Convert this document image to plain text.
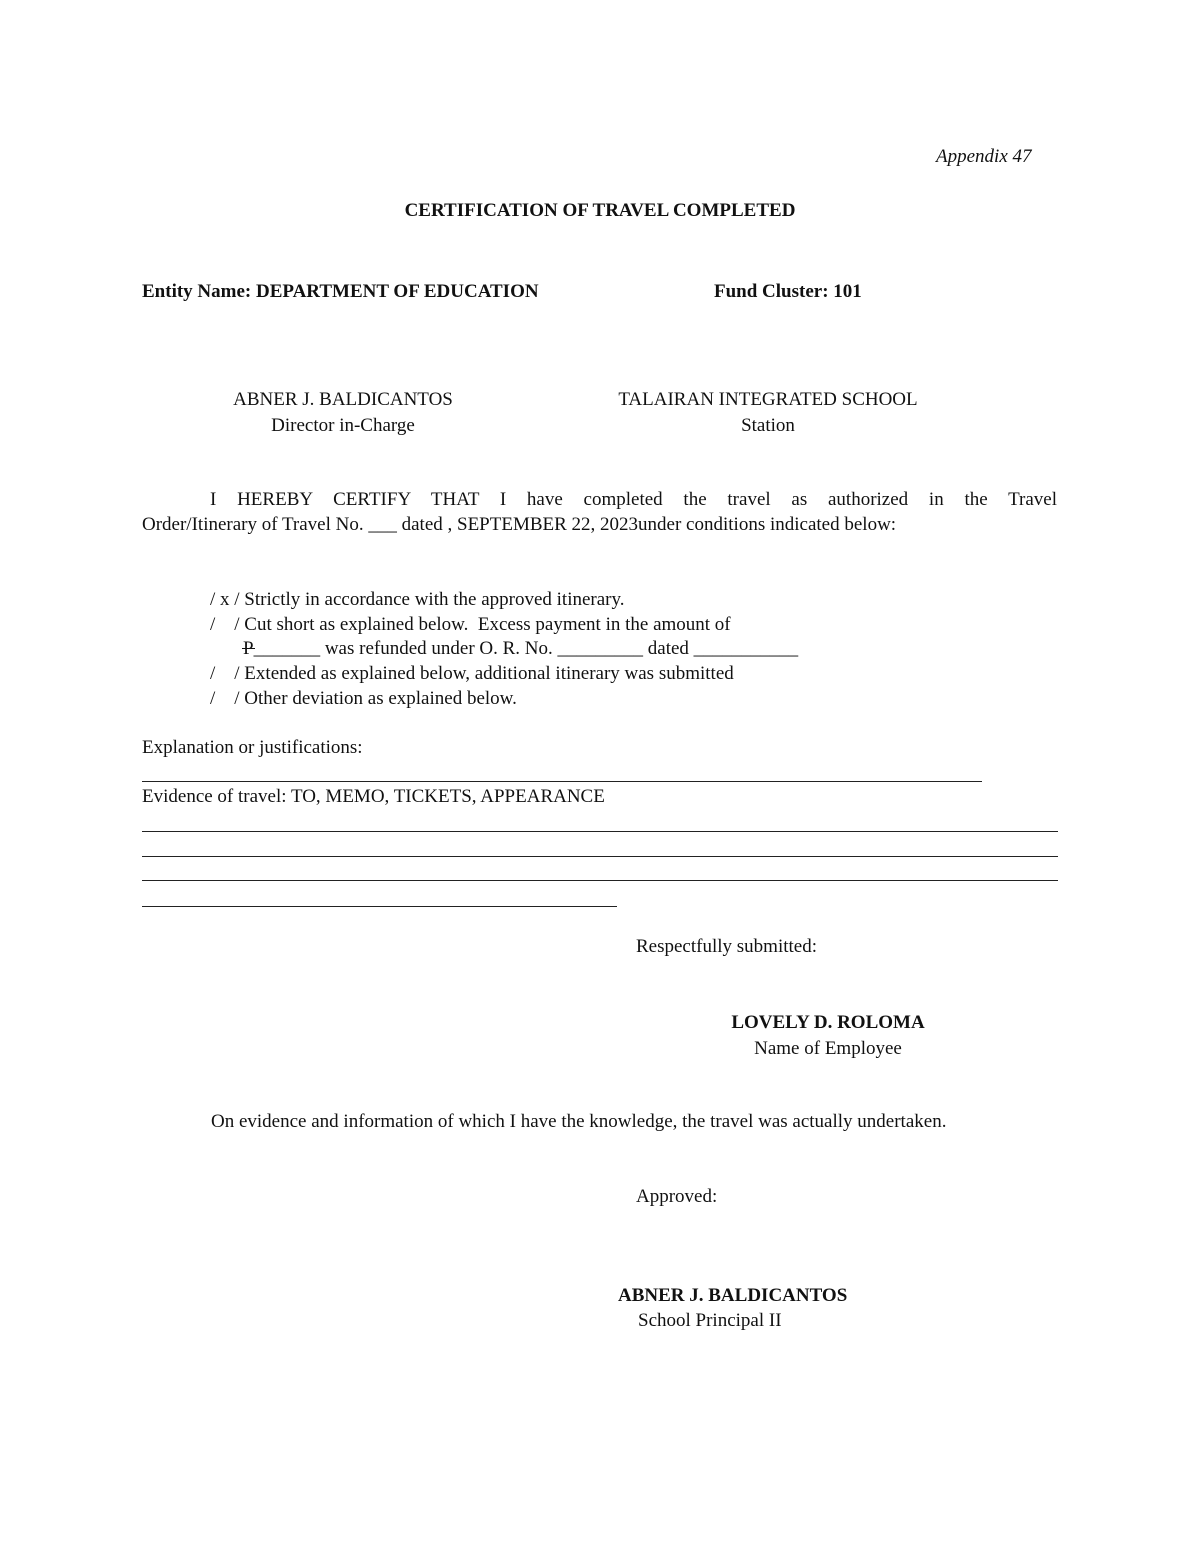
Appendix 47
CERTIFICATION OF TRAVEL COMPLETED
Entity Name: DEPARTMENT OF EDUCATION	Fund Cluster: 101
ABNER J. BALDICANTOS
Director in-Charge
TALAIRAN INTEGRATED SCHOOL
Station
I HEREBY CERTIFY THAT I have completed the travel as authorized in the Travel
Order/Itinerary of Travel No. ___ dated , SEPTEMBER 22, 2023under conditions indicated below:
/ x / Strictly in accordance with the approved itinerary.
/    / Cut short as explained below.  Excess payment in the amount of
P_______ was refunded under O. R. No. _________ dated ___________
/    / Extended as explained below, additional itinerary was submitted
/    / Other deviation as explained below.
Explanation or justifications:
Evidence of travel: TO, MEMO, TICKETS, APPEARANCE
Respectfully submitted:
LOVELY D. ROLOMA
Name of Employee
On evidence and information of which I have the knowledge, the travel was actually undertaken.
Approved:
ABNER J. BALDICANTOS
School Principal II
